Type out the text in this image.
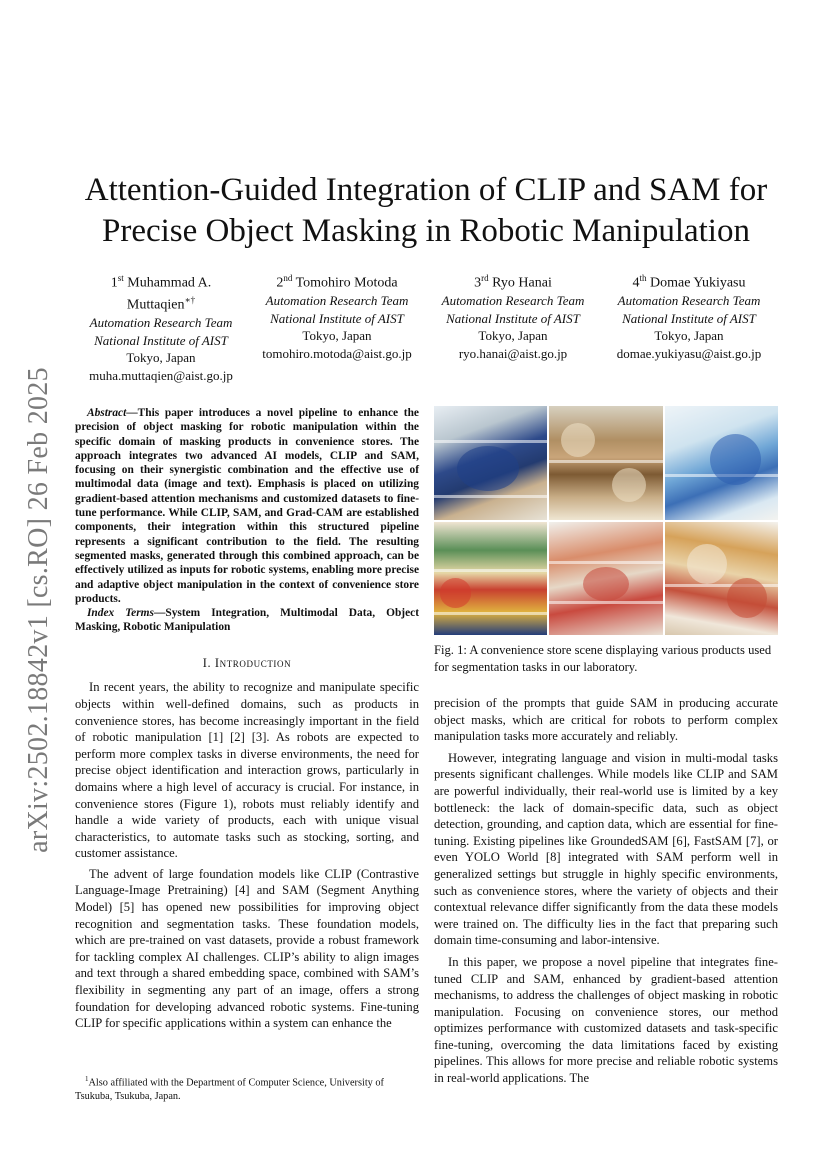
arXiv:2502.18842v1 [cs.RO] 26 Feb 2025
Attention-Guided Integration of CLIP and SAM for
Precise Object Masking in Robotic Manipulation
1st Muhammad A. Muttaqien∗†
Automation Research Team
National Institute of AIST
Tokyo, Japan
muha.muttaqien@aist.go.jp
2nd Tomohiro Motoda
Automation Research Team
National Institute of AIST
Tokyo, Japan
tomohiro.motoda@aist.go.jp
3rd Ryo Hanai
Automation Research Team
National Institute of AIST
Tokyo, Japan
ryo.hanai@aist.go.jp
4th Domae Yukiyasu
Automation Research Team
National Institute of AIST
Tokyo, Japan
domae.yukiyasu@aist.go.jp

Abstract—This paper introduces a novel pipeline to enhance the precision of object masking for robotic manipulation within the specific domain of masking products in convenience stores. The approach integrates two advanced AI models, CLIP and SAM, focusing on their synergistic combination and the effective use of multimodal data (image and text). Emphasis is placed on utilizing gradient-based attention mechanisms and customized datasets to fine-tune performance. While CLIP, SAM, and Grad-CAM are established components, their integration within this structured pipeline represents a significant contribution to the field. The resulting segmented masks, generated through this combined approach, can be effectively utilized as inputs for robotic systems, enabling more precise and adaptive object manipulation in the context of convenience store products.

Index Terms—System Integration, Multimodal Data, Object Masking, Robotic Manipulation

I. Introduction

In recent years, the ability to recognize and manipulate specific objects within well-defined domains, such as products in convenience stores, has become increasingly important in the field of robotic manipulation [1] [2] [3]. As robots are expected to perform more complex tasks in diverse environments, the need for precise object identification and interaction grows, particularly in domains where a high level of accuracy is crucial. For instance, in convenience stores (Figure 1), robots must reliably identify and handle a wide variety of products, each with unique visual characteristics, to automate tasks such as stocking, sorting, and customer assistance.

The advent of large foundation models like CLIP (Contrastive Language-Image Pretraining) [4] and SAM (Segment Anything Model) [5] has opened new possibilities for improving object recognition and segmentation tasks. These foundation models, which are pre-trained on vast datasets, provide a robust framework for tackling complex AI challenges. CLIP’s ability to align images and text through a shared embedding space, combined with SAM’s flexibility in segmenting any part of an image, offers a strong foundation for developing advanced robotic systems. Fine-tuning CLIP for specific applications within a system can enhance the

$^1$Also affiliated with the Department of Computer Science, University of Tsukuba, Tsukuba, Japan.
Fig. 1: A convenience store scene displaying various products used for segmentation tasks in our laboratory.

precision of the prompts that guide SAM in producing accurate object masks, which are critical for robots to perform complex manipulation tasks more accurately and reliably.

However, integrating language and vision in multi-modal tasks presents significant challenges. While models like CLIP and SAM are powerful individually, their real-world use is limited by a key bottleneck: the lack of domain-specific data, such as object detection, grounding, and caption data, which are essential for fine-tuning. Existing pipelines like GroundedSAM [6], FastSAM [7], or even YOLO World [8] integrated with SAM perform well in generalized settings but struggle in highly specific environments, such as convenience stores, where the variety of objects and their contextual relevance differ significantly from the data these models were trained on. The difficulty lies in the fact that preparing such domain time-consuming and labor-intensive.

In this paper, we propose a novel pipeline that integrates fine-tuned CLIP and SAM, enhanced by gradient-based attention mechanisms, to address the challenges of object masking in robotic manipulation. Focusing on convenience stores, our method optimizes performance with customized datasets and task-specific fine-tuning, overcoming the data limitations faced by existing pipelines. This allows for more precise and reliable robotic systems in real-world applications. The
